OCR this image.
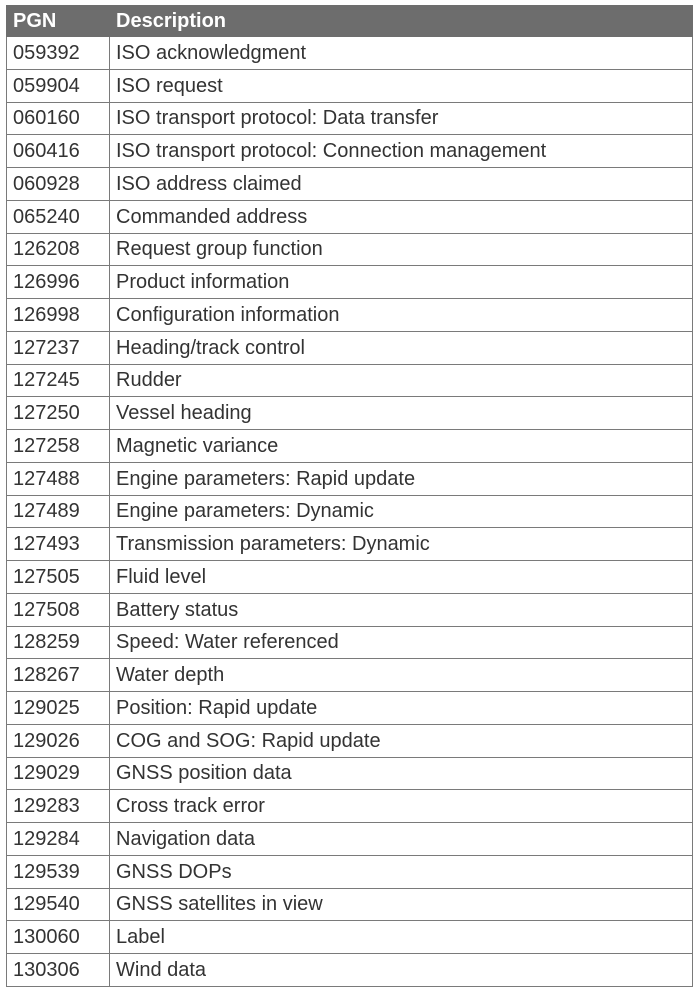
PGN	Description
059392	ISO acknowledgment
059904	ISO request
060160	ISO transport protocol: Data transfer
060416	ISO transport protocol: Connection management
060928	ISO address claimed
065240	Commanded address
126208	Request group function
126996	Product information
126998	Configuration information
127237	Heading/track control
127245	Rudder
127250	Vessel heading
127258	Magnetic variance
127488	Engine parameters: Rapid update
127489	Engine parameters: Dynamic
127493	Transmission parameters: Dynamic
127505	Fluid level
127508	Battery status
128259	Speed: Water referenced
128267	Water depth
129025	Position: Rapid update
129026	COG and SOG: Rapid update
129029	GNSS position data
129283	Cross track error
129284	Navigation data
129539	GNSS DOPs
129540	GNSS satellites in view
130060	Label
130306	Wind data
